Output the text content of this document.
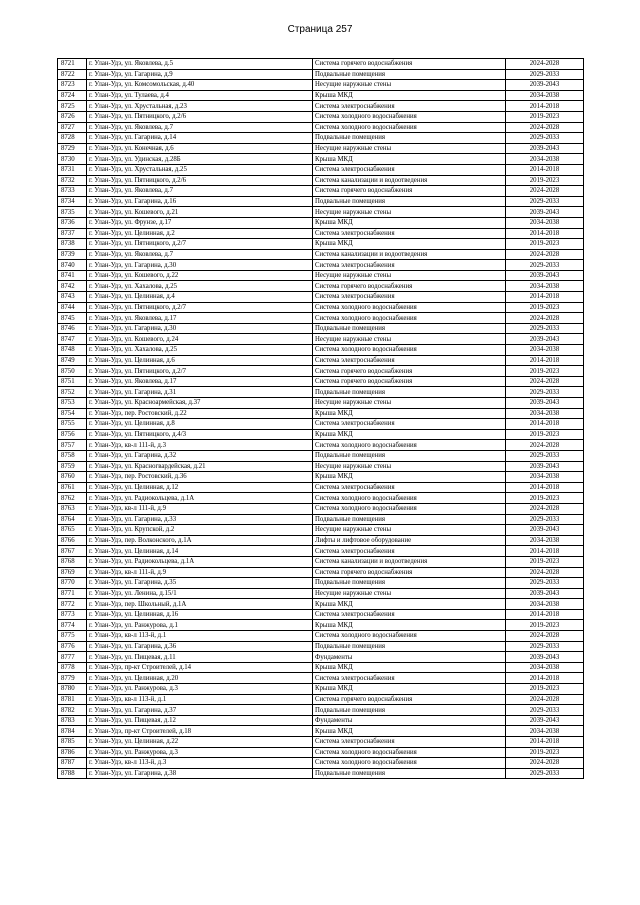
Страница 257
8721	г. Улан-Удэ, ул. Яковлева, д.5	Система горячего водоснабжения	2024-2028
8722	г. Улан-Удэ, ул. Гагарина, д.9	Подвальные помещения	2029-2033
8723	г. Улан-Удэ, ул. Комсомольская, д.40	Несущие наружные стены	2039-2043
8724	г. Улан-Удэ, ул. Тулаева, д.4	Крыша МКД	2034-2038
8725	г. Улан-Удэ, ул. Хрустальная, д.23	Система электроснабжения	2014-2018
8726	г. Улан-Удэ, ул. Пятницкого, д.2/6	Система холодного водоснабжения	2019-2023
8727	г. Улан-Удэ, ул. Яковлева, д.7	Система холодного водоснабжения	2024-2028
8728	г. Улан-Удэ, ул. Гагарина, д.14	Подвальные помещения	2029-2033
8729	г. Улан-Удэ, ул. Конечная, д.6	Несущие наружные стены	2039-2043
8730	г. Улан-Удэ, ул. Удинская, д.28Б	Крыша МКД	2034-2038
8731	г. Улан-Удэ, ул. Хрустальная, д.25	Система электроснабжения	2014-2018
8732	г. Улан-Удэ, ул. Пятницкого, д.2/6	Система канализации и водоотведения	2019-2023
8733	г. Улан-Удэ, ул. Яковлева, д.7	Система горячего водоснабжения	2024-2028
8734	г. Улан-Удэ, ул. Гагарина, д.16	Подвальные помещения	2029-2033
8735	г. Улан-Удэ, ул. Кошевого, д.21	Несущие наружные стены	2039-2043
8736	г. Улан-Удэ, ул. Фрунзе, д.17	Крыша МКД	2034-2038
8737	г. Улан-Удэ, ул. Целинная, д.2	Система электроснабжения	2014-2018
8738	г. Улан-Удэ, ул. Пятницкого, д.2/7	Крыша МКД	2019-2023
8739	г. Улан-Удэ, ул. Яковлева, д.7	Система канализации и водоотведения	2024-2028
8740	г. Улан-Удэ, ул. Гагарина, д.30	Система электроснабжения	2029-2033
8741	г. Улан-Удэ, ул. Кошевого, д.22	Несущие наружные стены	2039-2043
8742	г. Улан-Удэ, ул. Хахалова, д.25	Система горячего водоснабжения	2034-2038
8743	г. Улан-Удэ, ул. Целинная, д.4	Система электроснабжения	2014-2018
8744	г. Улан-Удэ, ул. Пятницкого, д.2/7	Система холодного водоснабжения	2019-2023
8745	г. Улан-Удэ, ул. Яковлева, д.17	Система холодного водоснабжения	2024-2028
8746	г. Улан-Удэ, ул. Гагарина, д.30	Подвальные помещения	2029-2033
8747	г. Улан-Удэ, ул. Кошевого, д.24	Несущие наружные стены	2039-2043
8748	г. Улан-Удэ, ул. Хахалова, д.25	Система холодного водоснабжения	2034-2038
8749	г. Улан-Удэ, ул. Целинная, д.6	Система электроснабжения	2014-2018
8750	г. Улан-Удэ, ул. Пятницкого, д.2/7	Система горячего водоснабжения	2019-2023
8751	г. Улан-Удэ, ул. Яковлева, д.17	Система горячего водоснабжения	2024-2028
8752	г. Улан-Удэ, ул. Гагарина, д.31	Подвальные помещения	2029-2033
8753	г. Улан-Удэ, ул. Красноармейская, д.37	Несущие наружные стены	2039-2043
8754	г. Улан-Удэ, пер. Ростовский, д.22	Крыша МКД	2034-2038
8755	г. Улан-Удэ, ул. Целинная, д.8	Система электроснабжения	2014-2018
8756	г. Улан-Удэ, ул. Пятницкого, д.4/3	Крыша МКД	2019-2023
8757	г. Улан-Удэ, кв-л 111-й, д.3	Система холодного водоснабжения	2024-2028
8758	г. Улан-Удэ, ул. Гагарина, д.32	Подвальные помещения	2029-2033
8759	г. Улан-Удэ, ул. Красногвардейская, д.21	Несущие наружные стены	2039-2043
8760	г. Улан-Удэ, пер. Ростовский, д.36	Крыша МКД	2034-2038
8761	г. Улан-Удэ, ул. Целинная, д.12	Система электроснабжения	2014-2018
8762	г. Улан-Удэ, ул. Радиокольцева, д.1А	Система холодного водоснабжения	2019-2023
8763	г. Улан-Удэ, кв-л 111-й, д.9	Система холодного водоснабжения	2024-2028
8764	г. Улан-Удэ, ул. Гагарина, д.33	Подвальные помещения	2029-2033
8765	г. Улан-Удэ, ул. Крупской, д.2	Несущие наружные стены	2039-2043
8766	г. Улан-Удэ, пер. Волконского, д.1А	Лифты и лифтовое оборудование	2034-2038
8767	г. Улан-Удэ, ул. Целинная, д.14	Система электроснабжения	2014-2018
8768	г. Улан-Удэ, ул. Радиокольцева, д.1А	Система канализации и водоотведения	2019-2023
8769	г. Улан-Удэ, кв-л 111-й, д.9	Система горячего водоснабжения	2024-2028
8770	г. Улан-Удэ, ул. Гагарина, д.35	Подвальные помещения	2029-2033
8771	г. Улан-Удэ, ул. Ленина, д.15/1	Несущие наружные стены	2039-2043
8772	г. Улан-Удэ, пер. Школьный, д.1А	Крыша МКД	2034-2038
8773	г. Улан-Удэ, ул. Целинная, д.16	Система электроснабжения	2014-2018
8774	г. Улан-Удэ, ул. Ранжурова, д.1	Крыша МКД	2019-2023
8775	г. Улан-Удэ, кв-л 113-й, д.1	Система холодного водоснабжения	2024-2028
8776	г. Улан-Удэ, ул. Гагарина, д.36	Подвальные помещения	2029-2033
8777	г. Улан-Удэ, ул. Пищевая, д.11	Фундаменты	2039-2043
8778	г. Улан-Удэ, пр-кт Строителей, д.14	Крыша МКД	2034-2038
8779	г. Улан-Удэ, ул. Целинная, д.20	Система электроснабжения	2014-2018
8780	г. Улан-Удэ, ул. Ранжурова, д.3	Крыша МКД	2019-2023
8781	г. Улан-Удэ, кв-л 113-й, д.1	Система горячего водоснабжения	2024-2028
8782	г. Улан-Удэ, ул. Гагарина, д.37	Подвальные помещения	2029-2033
8783	г. Улан-Удэ, ул. Пищевая, д.12	Фундаменты	2039-2043
8784	г. Улан-Удэ, пр-кт Строителей, д.18	Крыша МКД	2034-2038
8785	г. Улан-Удэ, ул. Целинная, д.22	Система электроснабжения	2014-2018
8786	г. Улан-Удэ, ул. Ранжурова, д.3	Система холодного водоснабжения	2019-2023
8787	г. Улан-Удэ, кв-л 113-й, д.3	Система холодного водоснабжения	2024-2028
8788	г. Улан-Удэ, ул. Гагарина, д.38	Подвальные помещения	2029-2033
